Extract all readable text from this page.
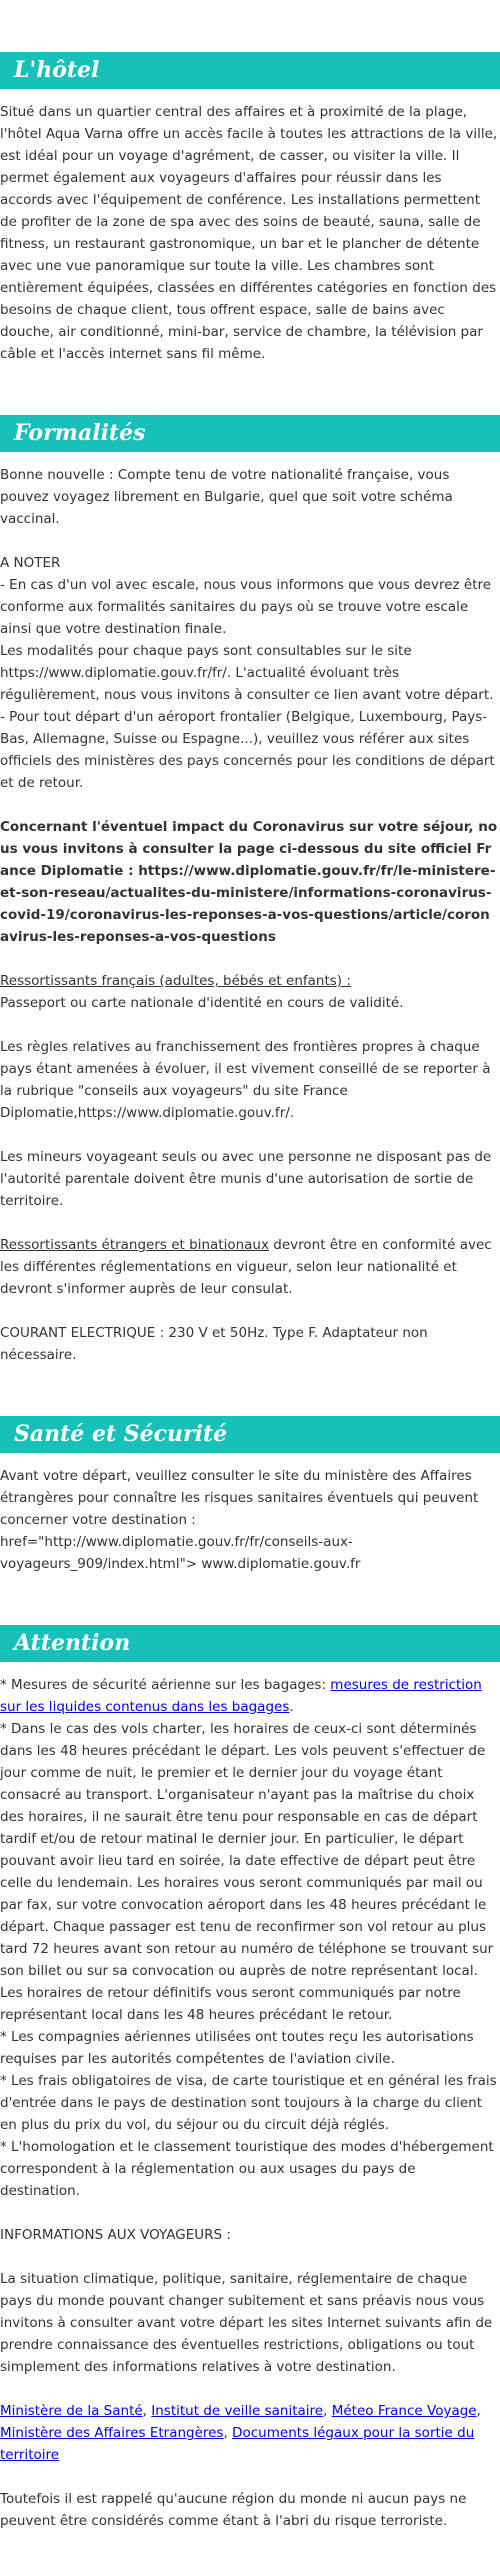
L'hôtel

Situé dans un quartier central des affaires et à proximité de la plage, l'hôtel Aqua Varna offre un accès facile à toutes les attractions de la ville, est idéal pour un voyage d'agrément, de casser, ou visiter la ville. Il permet également aux voyageurs d'affaires pour réussir dans les accords avec l'équipement de conférence. Les installations permettent de profiter de la zone de spa avec des soins de beauté, sauna, salle de fitness, un restaurant gastronomique, un bar et le plancher de détente avec une vue panoramique sur toute la ville. Les chambres sont entièrement équipées, classées en différentes catégories en fonction des besoins de chaque client, tous offrent espace, salle de bains avec douche, air conditionné, mini-bar, service de chambre, la télévision par câble et l'accès internet sans fil même.

Formalités

Bonne nouvelle : Compte tenu de votre nationalité française, vous pouvez voyagez librement en Bulgarie, quel que soit votre schéma vaccinal.

A NOTER

- En cas d'un vol avec escale, nous vous informons que vous devrez être conforme aux formalités sanitaires du pays où se trouve votre escale ainsi que votre destination finale.

Les modalités pour chaque pays sont consultables sur le site https://www.diplomatie.gouv.fr/fr/. L'actualité évoluant très régulièrement, nous vous invitons à consulter ce lien avant votre départ.

- Pour tout départ d'un aéroport frontalier (Belgique, Luxembourg, Pays-Bas, Allemagne, Suisse ou Espagne...), veuillez vous référer aux sites officiels des ministères des pays concernés pour les conditions de départ et de retour.

Concernant l'éventuel impact du Coronavirus sur votre séjour, nous vous invitons à consulter la page ci-dessous du site officiel France Diplomatie : https://www.diplomatie.gouv.fr/fr/le-ministere-et-son-reseau/actualites-du-ministere/informations-coronavirus-covid-19/coronavirus-les-reponses-a-vos-questions/article/coronavirus-les-reponses-a-vos-questions

Ressortissants français (adultes, bébés et enfants) :

Passeport ou carte nationale d'identité en cours de validité.

Les règles relatives au franchissement des frontières propres à chaque pays étant amenées à évoluer, il est vivement conseillé de se reporter à la rubrique "conseils aux voyageurs" du site France Diplomatie,https://www.diplomatie.gouv.fr/.

Les mineurs voyageant seuls ou avec une personne ne disposant pas de l'autorité parentale doivent être munis d'une autorisation de sortie de territoire.

Ressortissants étrangers et binationaux devront être en conformité avec les différentes réglementations en vigueur, selon leur nationalité et devront s'informer auprès de leur consulat.

COURANT ELECTRIQUE : 230 V et 50Hz. Type F. Adaptateur non nécessaire.

Santé et Sécurité

Avant votre départ, veuillez consulter le site du ministère des Affaires étrangères pour connaître les risques sanitaires éventuels qui peuvent concerner votre destination : href="http://www.diplomatie.gouv.fr/fr/conseils-aux-voyageurs_909/index.html"> www.diplomatie.gouv.fr

Attention

* Mesures de sécurité aérienne sur les bagages: mesures de restriction sur les liquides contenus dans les bagages.

* Dans le cas des vols charter, les horaires de ceux-ci sont déterminés dans les 48 heures précédant le départ. Les vols peuvent s'effectuer de jour comme de nuit, le premier et le dernier jour du voyage étant consacré au transport. L'organisateur n'ayant pas la maîtrise du choix des horaires, il ne saurait être tenu pour responsable en cas de départ tardif et/ou de retour matinal le dernier jour. En particulier, le départ pouvant avoir lieu tard en soirée, la date effective de départ peut être celle du lendemain. Les horaires vous seront communiqués par mail ou par fax, sur votre convocation aéroport dans les 48 heures précédant le départ. Chaque passager est tenu de reconfirmer son vol retour au plus tard 72 heures avant son retour au numéro de téléphone se trouvant sur son billet ou sur sa convocation ou auprès de notre représentant local. Les horaires de retour définitifs vous seront communiqués par notre représentant local dans les 48 heures précédant le retour.

* Les compagnies aériennes utilisées ont toutes reçu les autorisations requises par les autorités compétentes de l'aviation civile.

* Les frais obligatoires de visa, de carte touristique et en général les frais d'entrée dans le pays de destination sont toujours à la charge du client en plus du prix du vol, du séjour ou du circuit déjà réglés.

* L'homologation et le classement touristique des modes d'hébergement correspondent à la réglementation ou aux usages du pays de destination.

INFORMATIONS AUX VOYAGEURS :

La situation climatique, politique, sanitaire, réglementaire de chaque pays du monde pouvant changer subitement et sans préavis nous vous invitons à consulter avant votre départ les sites Internet suivants afin de prendre connaissance des éventuelles restrictions, obligations ou tout simplement des informations relatives à votre destination.

Ministère de la Santé, Institut de veille sanitaire, Méteo France Voyage, Ministère des Affaires Etrangères, Documents légaux pour la sortie du territoire

Toutefois il est rappelé qu'aucune région du monde ni aucun pays ne peuvent être considérés comme étant à l'abri du risque terroriste.
